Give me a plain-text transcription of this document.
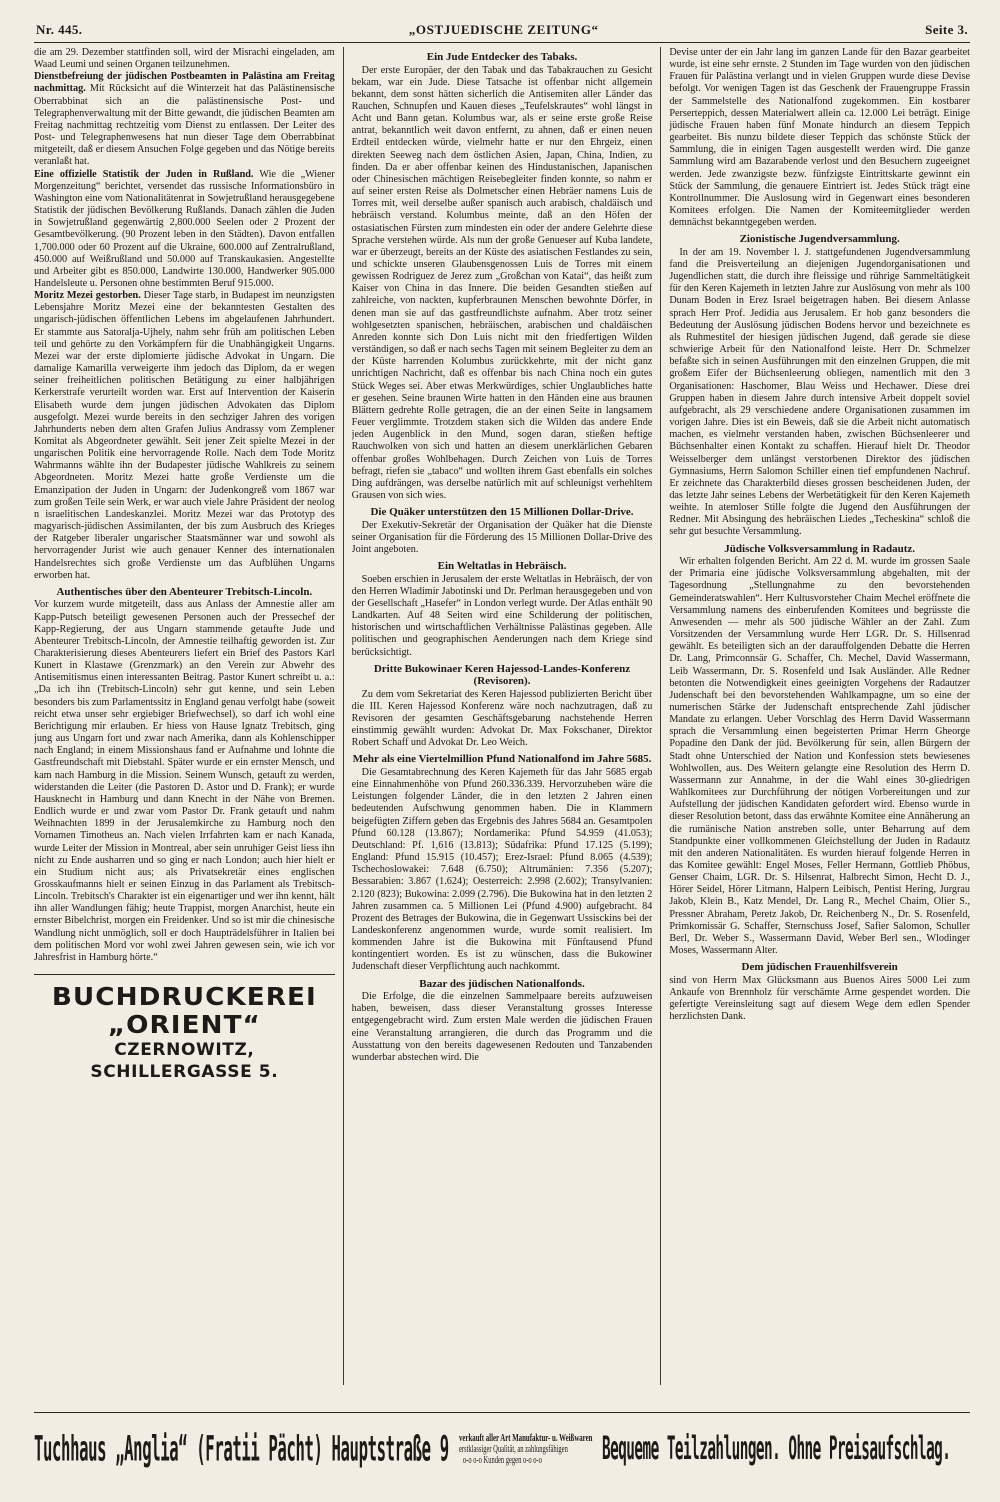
Nr. 445.	„OSTJUEDISCHE ZEITUNG“	Seite 3.

die am 29. Dezember stattfinden soll, wird der Misrachi eingeladen, am Waad Leumi und seinen Organen teilzunehmen.

Dienstbefreiung der jüdischen Postbeamten in Palästina am Freitag nachmittag. Mit Rücksicht auf die Winterzeit hat das Palästinensische Oberrabbinat sich an die palästinensische Post- und Telegraphenverwaltung mit der Bitte gewandt, die jüdischen Beamten am Freitag nachmittag rechtzeitig vom Dienst zu entlassen. Der Leiter des Post- und Telegraphenwesens hat nun dieser Tage dem Oberrabbinat mitgeteilt, daß er diesem Ansuchen Folge gegeben und das Nötige bereits veranlaßt hat.

Eine offizielle Statistik der Juden in Rußland. Wie die „Wiener Morgenzeitung“ berichtet, versendet das russische Informationsbüro in Washington eine vom Nationalitätenrat in Sowjetrußland herausgegebene Statistik der jüdischen Bevölkerung Rußlands. Danach zählen die Juden in Sowjetrußland gegenwärtig 2,800.000 Seelen oder 2 Prozent der Gesamtbevölkerung. (90 Prozent leben in den Städten). Davon entfallen 1,700.000 oder 60 Prozent auf die Ukraine, 600.000 auf Zentralrußland, 450.000 auf Weißrußland und 50.000 auf Transkaukasien. Angestellte und Arbeiter gibt es 850.000, Landwirte 130.000, Handwerker 905.000 Handelsleute u. Personen ohne bestimmten Beruf 915.000.

Moritz Mezei gestorben. Dieser Tage starb, in Budapest im neunzigsten Lebensjahre Moritz Mezei eine der bekanntesten Gestalten des ungarisch-jüdischen öffentlichen Lebens im abgelaufenen Jahrhundert. Er stammte aus Satoralja-Ujhely, nahm sehr früh am politischen Leben teil und gehörte zu den Vorkämpfern für die Unabhängigkeit Ungarns. Mezei war der erste diplomierte jüdische Advokat in Ungarn. Die damalige Kamarilla verweigerte ihm jedoch das Diplom, da er wegen seiner freiheitlichen politischen Betätigung zu einer halbjährigen Kerkerstrafe verurteilt worden war. Erst auf Intervention der Kaiserin Elisabeth wurde dem jungen jüdischen Advokaten das Diplom ausgefolgt. Mezei wurde bereits in den sechziger Jahren des vorigen Jahrhunderts neben dem alten Grafen Julius Andrassy vom Zemplener Komitat als Abgeordneter gewählt. Seit jener Zeit spielte Mezei in der ungarischen Politik eine hervorragende Rolle. Nach dem Tode Moritz Wahrmanns wählte ihn der Budapester jüdische Wahlkreis zu seinem Abgeordneten. Moritz Mezei hatte große Verdienste um die Emanzipation der Juden in Ungarn: der Judenkongreß vom 1867 war zum großen Teile sein Werk, er war auch viele Jahre Präsident der neolog n israelitischen Landeskanzlei. Moritz Mezei war das Prototyp des magyarisch-jüdischen Assimilanten, der bis zum Ausbruch des Krieges der Ratgeber liberaler ungarischer Staatsmänner war und sowohl als hervorragender Jurist wie auch genauer Kenner des internationalen Handelsrechtes sich große Verdienste um das Aufblühen Ungarns erworben hat.

Authentisches über den Abenteurer Trebitsch-Lincoln.

Vor kurzem wurde mitgeteilt, dass aus Anlass der Amnestie aller am Kapp-Putsch beteiligt gewesenen Personen auch der Pressechef der Kapp-Regierung, der aus Ungarn stammende getaufte Jude und Abenteurer Trebitsch-Lincoln, der Amnestie teilhaftig geworden ist. Zur Charakterisierung dieses Abenteurers liefert ein Brief des Pastors Karl Kunert in Klastawe (Grenzmark) an den Verein zur Abwehr des Antisemitismus einen interessanten Beitrag. Pastor Kunert schreibt u. a.: „Da ich ihn (Trebitsch-Lincoln) sehr gut kenne, und sein Leben besonders bis zum Parlamentssitz in England genau verfolgt habe (soweit reicht etwa unser sehr ergiebiger Briefwechsel), so darf ich wohl eine Berichtigung mir erlauben. Er hiess von Hause Ignatz Trebitsch, ging jung aus Ungarn fort und zwar nach Amerika, dann als Kohlenschipper nach England; in einem Missionshaus fand er Aufnahme und lohnte die Gastfreundschaft mit Diebstahl. Später wurde er ein ernster Mensch, und kam nach Hamburg in die Mission. Seinem Wunsch, getauft zu werden, widerstanden die Leiter (die Pastoren D. Astor und D. Frank); er wurde Hausknecht in Hamburg und dann Knecht in der Nähe von Bremen. Endlich wurde er und zwar vom Pastor Dr. Frank getauft und nahm Weihnachten 1899 in der Jerusalemkirche zu Hamburg noch den Vornamen Timotheus an. Nach vielen Irrfahrten kam er nach Kanada, wurde Leiter der Mission in Montreal, aber sein unruhiger Geist liess ihn nicht zu Ende ausharren und so ging er nach London; auch hier hielt er ein Studium nicht aus; als Privatsekretär eines englischen Grosskaufmanns hielt er seinen Einzug in das Parlament als Trebitsch-Lincoln. Trebitsch's Charakter ist ein eigenartiger und wer ihn kennt, hält ihn aller Wandlungen fähig; heute Trappist, morgen Anarchist, heute ein ernster Bibelchrist, morgen ein Freidenker. Und so ist mir die chinesische Wandlung nicht unmöglich, soll er doch Haupträdelsführer in Italien bei dem politischen Mord vor wohl zwei Jahren gewesen sein, wie ich vor Jahresfrist in Hamburg hörte.“

BUCHDRUCKEREI „ORIENT“
CZERNOWITZ, SCHILLERGASSE 5.
Ein Jude Entdecker des Tabaks.

Der erste Europäer, der den Tabak und das Tabakrauchen zu Gesicht bekam, war ein Jude. Diese Tatsache ist offenbar nicht allgemein bekannt, dem sonst hätten sicherlich die Antisemiten aller Länder das Rauchen, Schnupfen und Kauen dieses „Teufelskrautes“ wohl längst in Acht und Bann getan. Kolumbus war, als er seine erste große Reise antrat, bekanntlich weit davon entfernt, zu ahnen, daß er einen neuen Erdteil entdecken würde, vielmehr hatte er nur den Ehrgeiz, einen direkten Seeweg nach dem östlichen Asien, Japan, China, Indien, zu finden. Da er aber offenbar keinen des Hindustanischen, Japanischen oder Chinesischen mächtigen Reisebegleiter finden konnte, so nahm er auf seiner ersten Reise als Dolmetscher einen Hebräer namens Luis de Torres mit, weil derselbe außer spanisch auch arabisch, chaldäisch und hebräisch verstand. Kolumbus meinte, daß an den Höfen der ostasiatischen Fürsten zum mindesten ein oder der andere Gelehrte diese Sprache verstehen würde. Als nun der große Genueser auf Kuba landete, war er überzeugt, bereits an der Küste des asiatischen Festlandes zu sein, und schickte unseren Glaubensgenossen Luis de Torres mit einem gewissen Rodriguez de Jerez zum „Großchan von Katai“, das heißt zum Kaiser von China in das Innere. Die beiden Gesandten stießen auf zahlreiche, von nackten, kupferbraunen Menschen bewohnte Dörfer, in denen man sie auf das gastfreundlichste aufnahm. Aber trotz seiner wohlgesetzten spanischen, hebräischen, arabischen und chaldäischen Anreden konnte sich Don Luis nicht mit den friedfertigen Wilden verständigen, so daß er nach sechs Tagen mit seinem Begleiter zu dem an der Küste harrenden Kolumbus zurückkehrte, mit der nicht ganz unrichtigen Nachricht, daß es offenbar bis nach China noch ein gutes Stück Weges sei. Aber etwas Merkwürdiges, schier Unglaubliches hatte er gesehen. Seine braunen Wirte hatten in den Händen eine aus braunen Blättern gedrehte Rolle getragen, die an der einen Seite in langsamem Feuer verglimmte. Trotzdem staken sich die Wilden das andere Ende jeden Augenblick in den Mund, sogen daran, stießen heftige Rauchwolken von sich und hatten an diesem unerklärlichen Gebaren offenbar großes Wohlbehagen. Durch Zeichen von Luis de Torres befragt, riefen sie „tabaco“ und wollten ihrem Gast ebenfalls ein solches Ding aufdrängen, was derselbe natürlich mit auf schleunigst verhehltem Grausen von sich wies.

Die Quäker unterstützen den 15 Millionen Dollar-Drive.

Der Exekutiv-Sekretär der Organisation der Quäker hat die Dienste seiner Organisation für die Förderung des 15 Millionen Dollar-Drive des Joint angeboten.

Ein Weltatlas in Hebräisch.

Soeben erschien in Jerusalem der erste Weltatlas in Hebräisch, der von den Herren Wladimir Jabotinski und Dr. Perlman herausgegeben und von der Gesellschaft „Hasefer“ in London verlegt wurde. Der Atlas enthält 90 Landkarten. Auf 48 Seiten wird eine Schilderung der politischen, historischen und wirtschaftlichen Verhältnisse Palästinas gegeben. Alle politischen und geographischen Aenderungen nach dem Kriege sind berücksichtigt.

Dritte Bukowinaer Keren Hajessod-Landes-Konferenz (Revisoren).

Zu dem vom Sekretariat des Keren Hajessod publizierten Bericht über die III. Keren Hajessod Konferenz wäre noch nachzutragen, daß zu Revisoren der gesamten Geschäftsgebarung nachstehende Herren einstimmig gewählt wurden: Advokat Dr. Max Fokschaner, Direktor Robert Schaff und Advokat Dr. Leo Weich.

Mehr als eine Viertelmillion Pfund Nationalfond im Jahre 5685.

Die Gesamtabrechnung des Keren Kajemeth für das Jahr 5685 ergab eine Einnahmenhöhe von Pfund 260.336.339. Hervorzuheben wäre die Leistungen folgender Länder, die in den letzten 2 Jahren einen bedeutenden Aufschwung genommen haben. Die in Klammern beigefügten Ziffern geben das Ergebnis des Jahres 5684 an. Gesamtpolen Pfund 60.128 (13.867); Nordamerika: Pfund 54.959 (41.053); Deutschland: Pf. 1,616 (13.813); Südafrika: Pfund 17.125 (5.199); England: Pfund 15.915 (10.457); Erez-Israel: Pfund 8.065 (4.539); Tschechoslowakei: 7.648 (6.750); Altrumänien: 7.356 (5.207); Bessarabien: 3.867 (1.624); Oesterreich: 2.998 (2.602); Transylvanien: 2.120 (823); Bukowina: 2.099 (2.796). Die Bukowina hat in den letzten 2 Jahren zusammen ca. 5 Millionen Lei (Pfund 4.900) aufgebracht. 84 Prozent des Betrages der Bukowina, die in Gegenwart Ussisckins bei der Landeskonferenz angenommen wurde, wurde somit realisiert. Im kommenden Jahre ist die Bukowina mit Fünftausend Pfund kontingentiert worden. Es ist zu wünschen, dass die Bukowiner Judenschaft dieser Verpflichtung auch nachkommt.

Bazar des jüdischen Nationalfonds.

Die Erfolge, die die einzelnen Sammelpaare bereits aufzuweisen haben, beweisen, dass dieser Veranstaltung grosses Interesse entgegengebracht wird. Zum ersten Male werden die jüdischen Frauen eine Veranstaltung arrangieren, die durch das Programm und die Ausstattung von den bereits dagewesenen Redouten und Tanzabenden wunderbar abstechen wird. Die

Devise unter der ein Jahr lang im ganzen Lande für den Bazar gearbeitet wurde, ist eine sehr ernste. 2 Stunden im Tage wurden von den jüdischen Frauen für Palästina verlangt und in vielen Gruppen wurde diese Devise befolgt. Vor wenigen Tagen ist das Geschenk der Frauengruppe Frassin der Sammelstelle des Nationalfond zugekommen. Ein kostbarer Perserteppich, dessen Materialwert allein ca. 12.000 Lei beträgt. Einige jüdische Frauen haben fünf Monate hindurch an diesem Teppich gearbeitet. Bis nunzu bildete dieser Teppich das schönste Stück der Sammlung, die in einigen Tagen ausgestellt werden wird. Die ganze Sammlung wird am Bazarabende verlost und den Besuchern zugeeignet werden. Jede zwanzigste bezw. fünfzigste Eintrittskarte gewinnt ein Stück der Sammlung, die genauere Eintriert ist. Jedes Stück trägt eine Kontrollnummer. Die Auslosung wird in Gegenwart eines besonderen Komitees erfolgen. Die Namen der Komiteemitglieder werden demnächst bekanntgegeben werden.

Zionistische Jugendversammlung.

In der am 19. November l. J. stattgefundenen Jugendversammlung fand die Preisverteilung an diejenigen Jugendorganisationen und Jugendlichen statt, die durch ihre fleissige und rührige Sammeltätigkeit für den Keren Kajemeth in letzten Jahre zur Auslösung von mehr als 100 Dunam Boden in Erez Israel beigetragen haben. Bei diesem Anlasse sprach Herr Prof. Jedidia aus Jerusalem. Er hob ganz besonders die Bedeutung der Auslösung jüdischen Bodens hervor und bezeichnete es als Ruhmestitel der hiesigen jüdischen Jugend, daß gerade sie diese schwierige Arbeit für den Nationalfond leiste. Herr Dr. Schmelzer befaßte sich in seinen Ausführungen mit den einzelnen Gruppen, die mit großem Eifer der Büchsenleerung obliegen, namentlich mit den 3 Organisationen: Haschomer, Blau Weiss und Hechawer. Diese drei Gruppen haben in diesem Jahre durch intensive Arbeit doppelt soviel aufgebracht, als 29 verschiedene andere Organisationen zusammen im vorigen Jahre. Dies ist ein Beweis, daß sie die Arbeit nicht automatisch machen, es vielmehr verstanden haben, zwischen Büchsenleerer und Büchsenhalter einen Kontakt zu schaffen. Hierauf hielt Dr. Theodor Weisselberger dem unlängst verstorbenen Direktor des jüdischen Gymnasiums, Herrn Salomon Schiller einen tief empfundenen Nachruf. Er zeichnete das Charakterbild dieses grossen bescheidenen Juden, der das letzte Jahr seines Lebens der Werbetätigkeit für den Keren Kajemeth weihte. In atemloser Stille folgte die Jugend den Ausführungen der Redner. Mit Absingung des hebräischen Liedes „Techeskina“ schloß die sehr gut besuchte Versammlung.

Jüdische Volksversammlung in Radautz.

Wir erhalten folgenden Bericht. Am 22 d. M. wurde im grossen Saale der Primaria eine jüdische Volksversammlung abgehalten, mit der Tagesordnung „Stellungnahme zu den bevorstehenden Gemeinderatswahlen“. Herr Kultusvorsteher Chaim Mechel eröffnete die Versammlung namens des einberufenden Komitees und begrüsste die Anwesenden — mehr als 500 jüdische Wähler an der Zahl. Zum Vorsitzenden der Versammlung wurde Herr LGR. Dr. S. Hillsenrad gewählt. Es beteiligten sich an der darauffolgenden Debatte die Herren Dr. Lang, Primconnsär G. Schaffer, Ch. Mechel, David Wassermann, Leib Wassermann, Dr. S. Rosenfeld und Isak Ausländer. Alle Redner betonten die Notwendigkeit eines geeinigten Vorgehens der Radautzer Judenschaft bei den bevorstehenden Wahlkampagne, um so eine der numerischen Stärke der Judenschaft entsprechende Zahl jüdischer Mandate zu erlangen. Ueber Vorschlag des Herrn David Wassermann sprach die Versammlung einen begeisterten Primar Herrn Gheorge Popadine den Dank der jüd. Bevölkerung für sein, allen Bürgern der Stadt ohne Unterschied der Nation und Konfession stets bewiesenes Wohlwollen, aus. Des Weitern gelangte eine Resolution des Herrn D. Wassermann zur Annahme, in der die Wahl eines 30-gliedrigen Wahlkomitees zur Durchführung der nötigen Vorbereitungen und zur Aufstellung der jüdischen Kandidaten gefordert wird. Ebenso wurde in dieser Resolution betont, dass das erwähnte Komitee eine Annäherung an die rumänische Nation anstreben solle, unter Beharrung auf dem Standpunkte einer vollkommenen Gleichstellung der Juden in Radautz mit den anderen Nationalitäten. Es wurden hierauf folgende Herren in das Komitee gewählt: Engel Moses, Feller Hermann, Gottlieb Phöbus, Genser Chaim, LGR. Dr. S. Hilsenrat, Halbrecht Simon, Hecht D. J., Hörer Seidel, Hörer Litmann, Halpern Leibisch, Pentist Hering, Jurgrau Jakob, Klein B., Katz Mendel, Dr. Lang R., Mechel Chaim, Olier S., Pressner Abraham, Peretz Jakob, Dr. Reichenberg N., Dr. S. Rosenfeld, Primkomissär G. Schaffer, Sternschuss Josef, Safier Salomon, Schuller Berl, Dr. Weber S., Wassermann David, Weber Berl sen., Wlodinger Moses, Wassermann Alter.

Dem jüdischen Frauenhilfsverein

sind von Herrn Max Glücksmann aus Buenos Aires 5000 Lei zum Ankaufe von Brennholz für verschämte Arme gespendet worden. Die gefertigte Vereinsleitung sagt auf diesem Wege dem edlen Spender herzlichsten Dank.

Tuchhaus „Anglia“ (Fratii Pächt) Hauptstraße 9 verkauft aller Art Manufaktur- u. Weißwaren
erstklassiger Qualität, an zahlungsfähigen
o-o o-o Kunden gegen o-o o-o	Bequeme Teilzahlungen. Ohne Preisaufschlag.
